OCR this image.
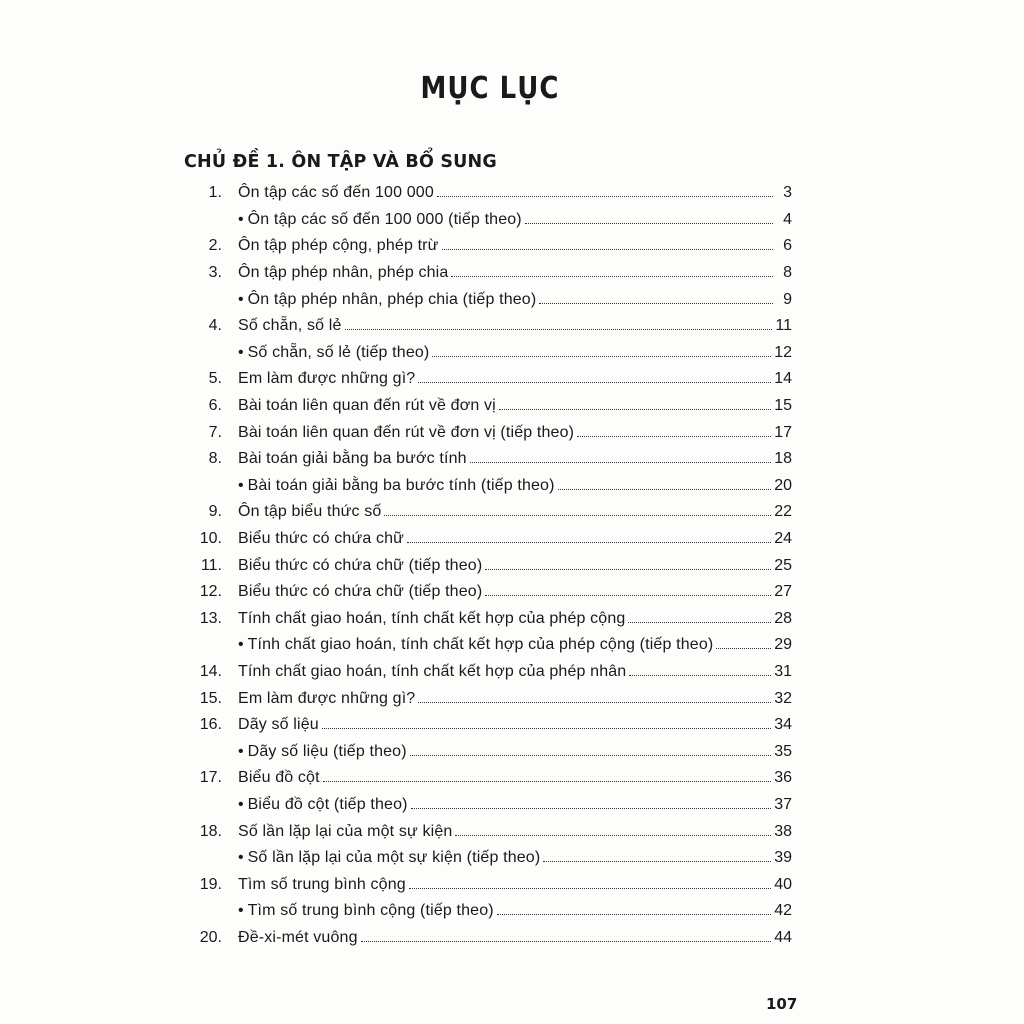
MỤC LỤC
CHỦ ĐỀ 1. ÔN TẬP VÀ BỔ SUNG
1. Ôn tập các số đến 100 000	3
• Ôn tập các số đến 100 000 (tiếp theo)	4
2. Ôn tập phép cộng, phép trừ	6
3. Ôn tập phép nhân, phép chia	8
• Ôn tập phép nhân, phép chia (tiếp theo)	9
4. Số chẵn, số lẻ	11
• Số chẵn, số lẻ (tiếp theo)	12
5. Em làm được những gì?	14
6. Bài toán liên quan đến rút về đơn vị	15
7. Bài toán liên quan đến rút về đơn vị (tiếp theo)	17
8. Bài toán giải bằng ba bước tính	18
• Bài toán giải bằng ba bước tính (tiếp theo)	20
9. Ôn tập biểu thức số	22
10. Biểu thức có chứa chữ	24
11. Biểu thức có chứa chữ (tiếp theo)	25
12. Biểu thức có chứa chữ (tiếp theo)	27
13. Tính chất giao hoán, tính chất kết hợp của phép cộng	28
• Tính chất giao hoán, tính chất kết hợp của phép cộng (tiếp theo)	29
14. Tính chất giao hoán, tính chất kết hợp của phép nhân	31
15. Em làm được những gì?	32
16. Dãy số liệu	34
• Dãy số liệu (tiếp theo)	35
17. Biểu đồ cột	36
• Biểu đồ cột (tiếp theo)	37
18. Số lần lặp lại của một sự kiện	38
• Số lần lặp lại của một sự kiện (tiếp theo)	39
19. Tìm số trung bình cộng	40
• Tìm số trung bình cộng (tiếp theo)	42
20. Đề-xi-mét vuông	44
107
